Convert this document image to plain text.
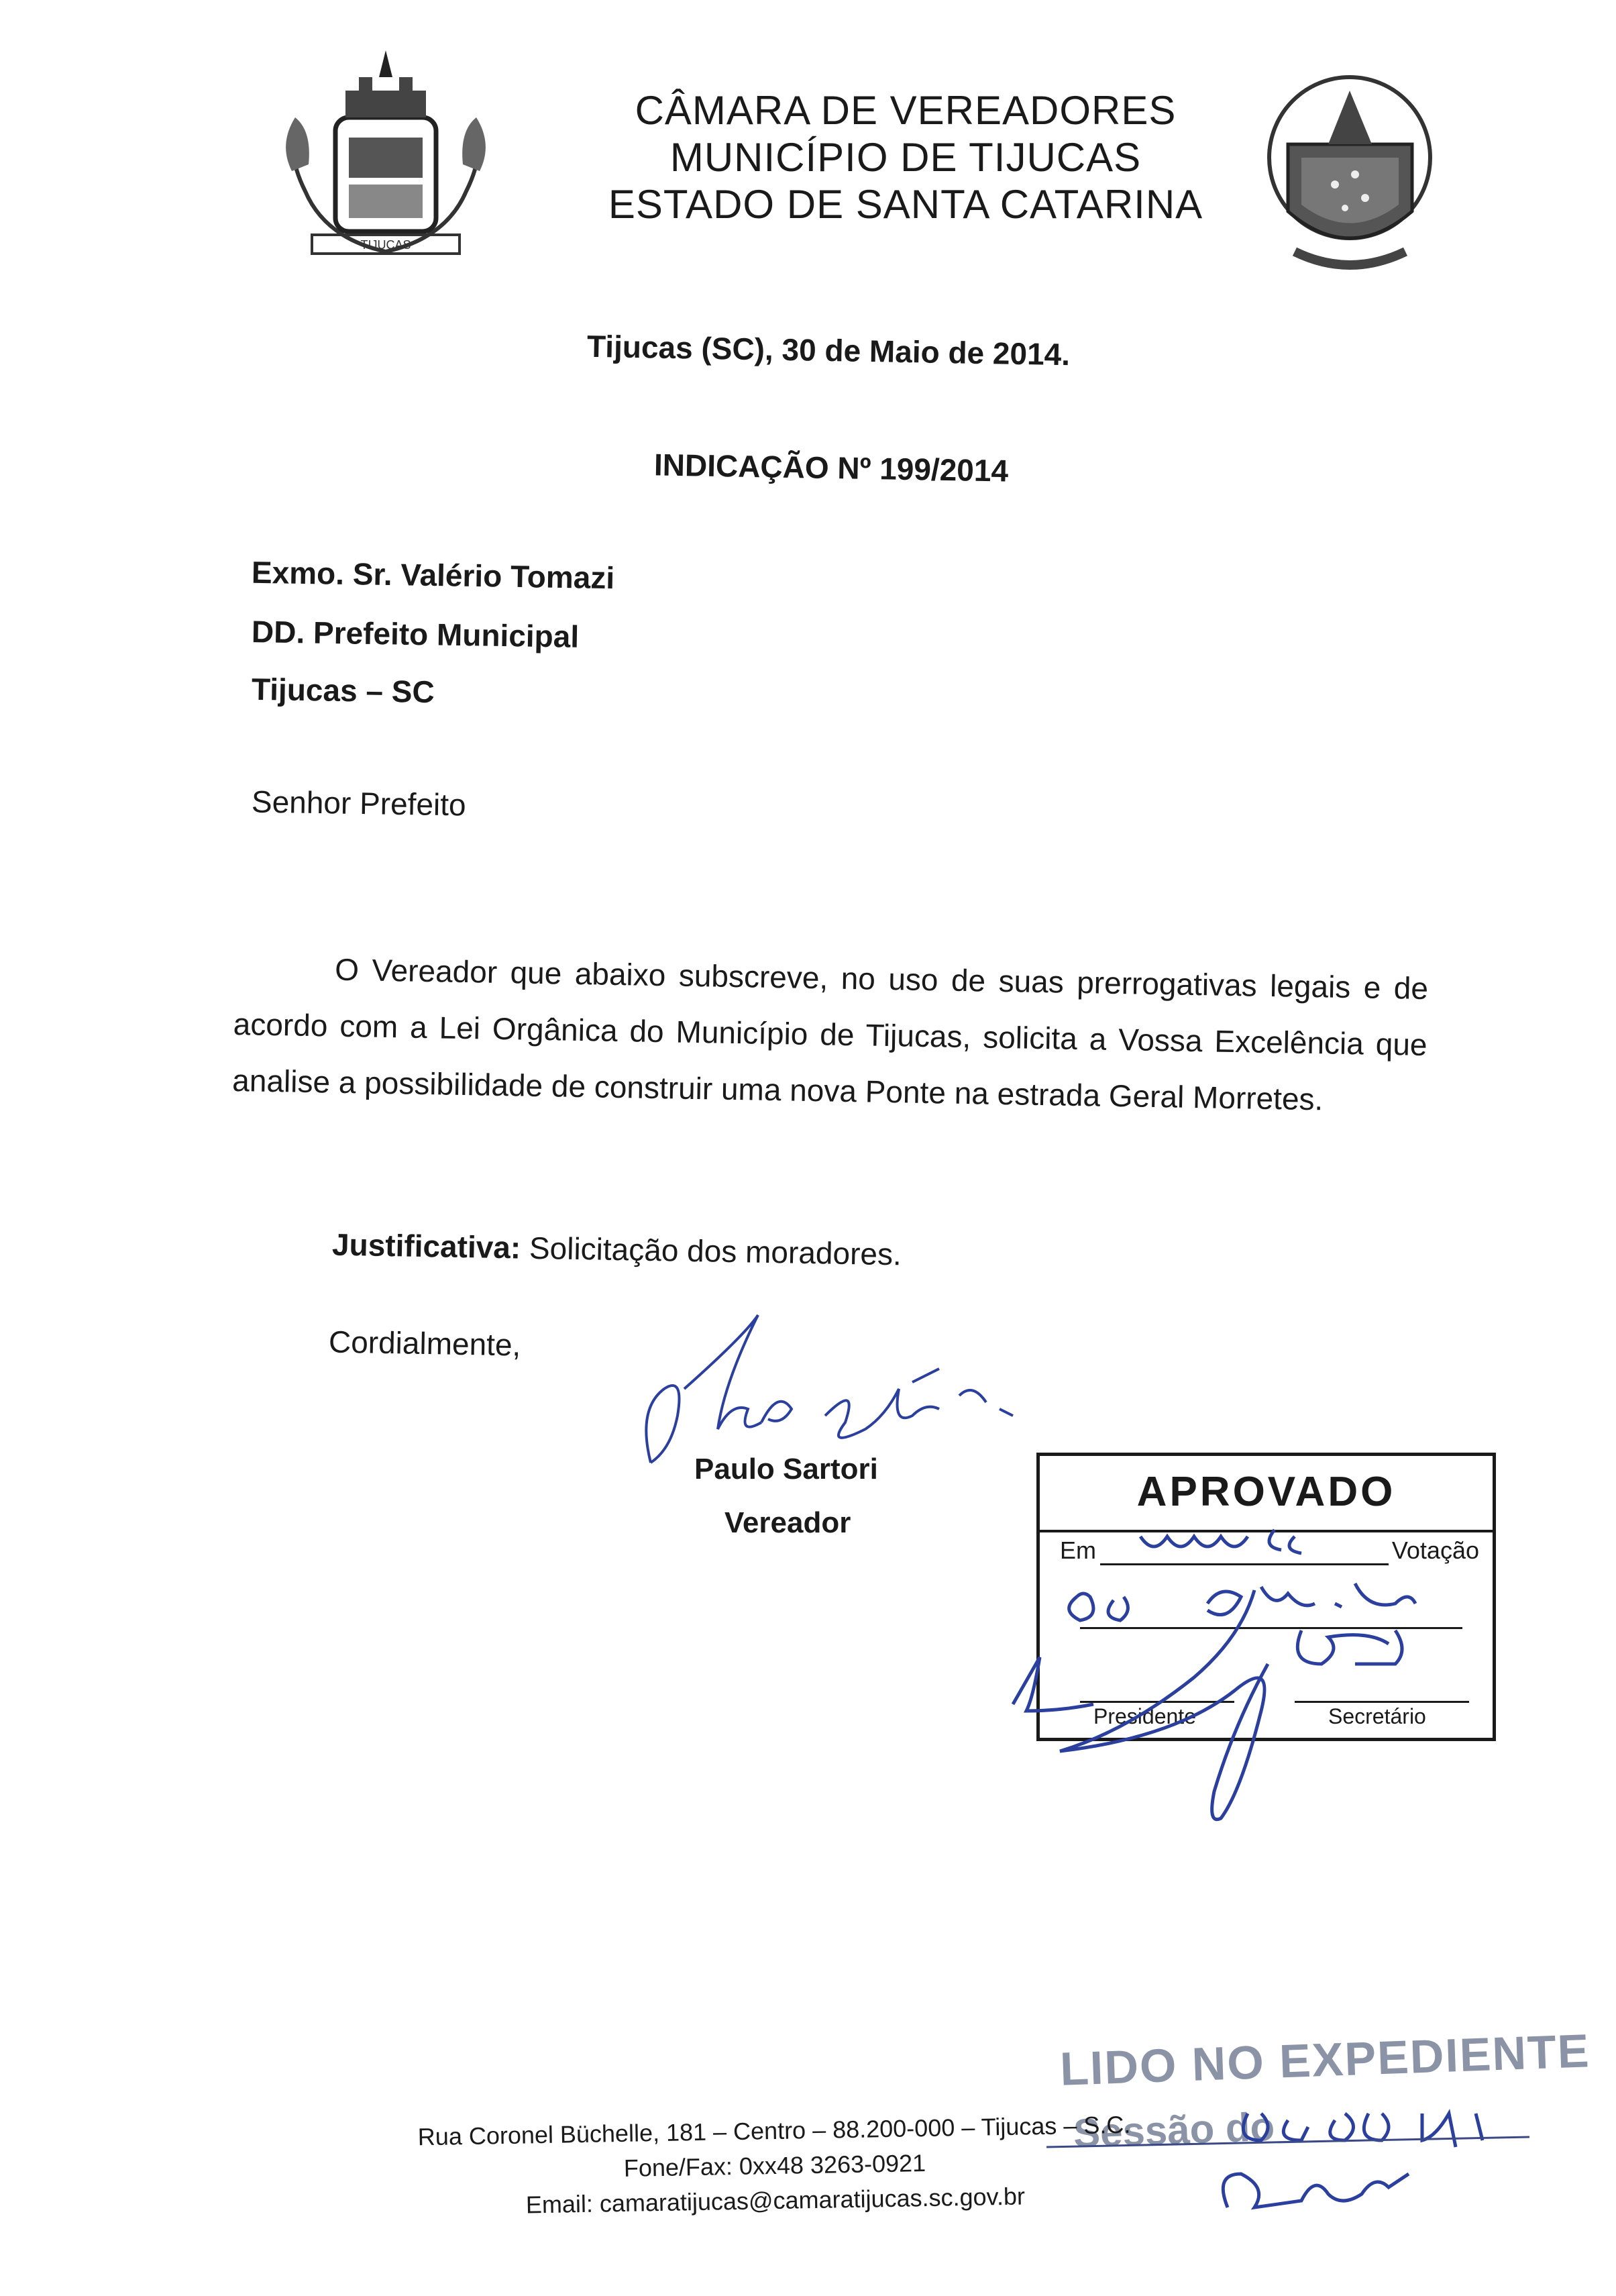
TIJUCAS
CÂMARA DE VEREADORES
MUNICÍPIO DE TIJUCAS
ESTADO DE SANTA CATARINA
Tijucas (SC), 30 de Maio de 2014.
INDICAÇÃO Nº 199/2014
Exmo. Sr. Valério Tomazi
DD. Prefeito Municipal
Tijucas – SC
Senhor Prefeito
O Vereador que abaixo subscreve, no uso de suas prerrogativas legais e de acordo com a Lei Orgânica do Município de Tijucas, solicita a Vossa Excelência que analise a possibilidade de construir uma nova Ponte na estrada Geral Morretes.
Justificativa: Solicitação dos moradores.
Cordialmente,
Paulo Sartori
Vereador
APROVADO
Em	Votação
Presidente	Secretário
LIDO NO EXPEDIENTE
Sessão do
Rua Coronel Büchelle, 181 – Centro – 88.200-000 – Tijucas – S.C.
Fone/Fax: 0xx48 3263-0921
Email: camaratijucas@camaratijucas.sc.gov.br
